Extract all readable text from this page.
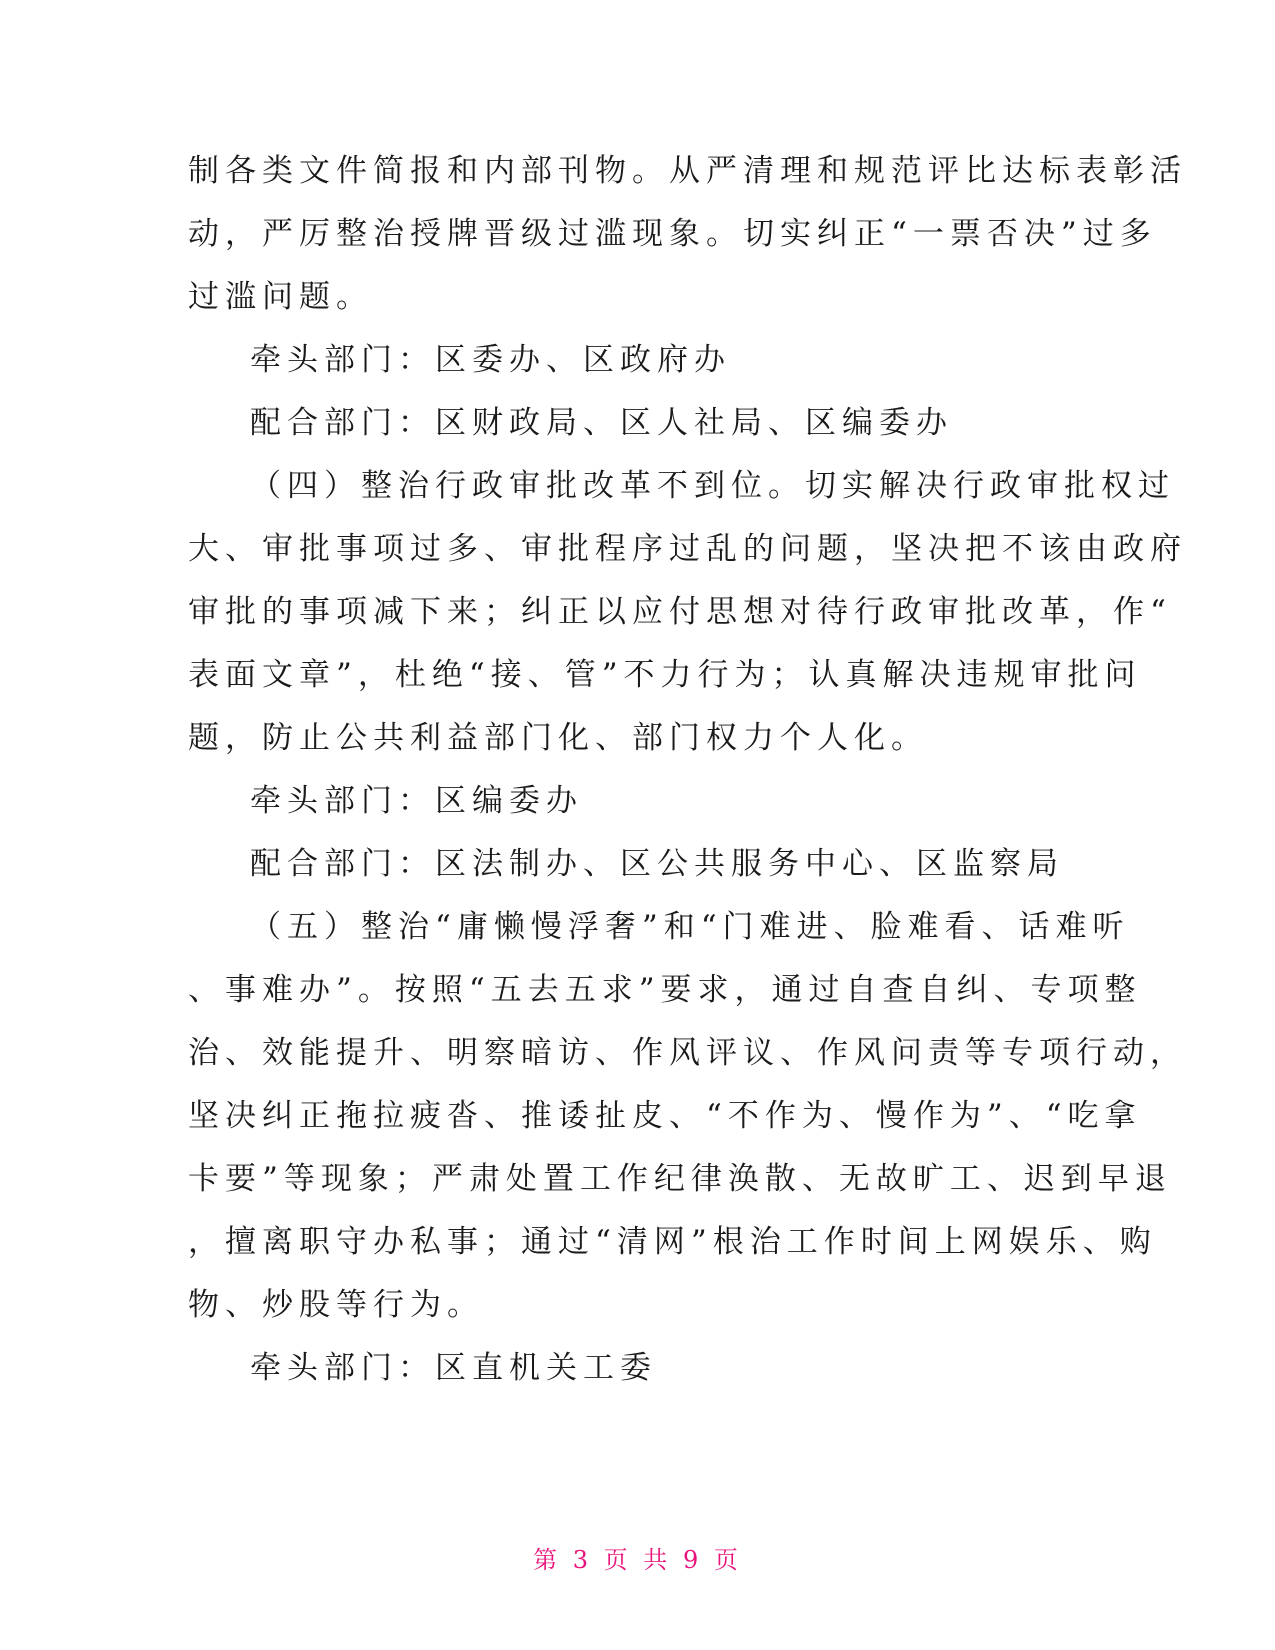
制各类文件简报和内部刊物。从严清理和规范评比达标表彰活
动，严厉整治授牌晋级过滥现象。切实纠正“一票否决”过多
过滥问题。
牵头部门：区委办、区政府办
配合部门：区财政局、区人社局、区编委办
（四）整治行政审批改革不到位。切实解决行政审批权过
大、审批事项过多、审批程序过乱的问题，坚决把不该由政府
审批的事项减下来；纠正以应付思想对待行政审批改革，作“
表面文章”，杜绝“接、管”不力行为；认真解决违规审批问
题，防止公共利益部门化、部门权力个人化。
牵头部门：区编委办
配合部门：区法制办、区公共服务中心、区监察局
（五）整治“庸懒慢浮奢”和“门难进、脸难看、话难听
、事难办”。按照“五去五求”要求，通过自查自纠、专项整
治、效能提升、明察暗访、作风评议、作风问责等专项行动，
坚决纠正拖拉疲沓、推诿扯皮、“不作为、慢作为”、“吃拿
卡要”等现象；严肃处置工作纪律涣散、无故旷工、迟到早退
，擅离职守办私事；通过“清网”根治工作时间上网娱乐、购
物、炒股等行为。
牵头部门：区直机关工委
第 3 页 共 9 页
